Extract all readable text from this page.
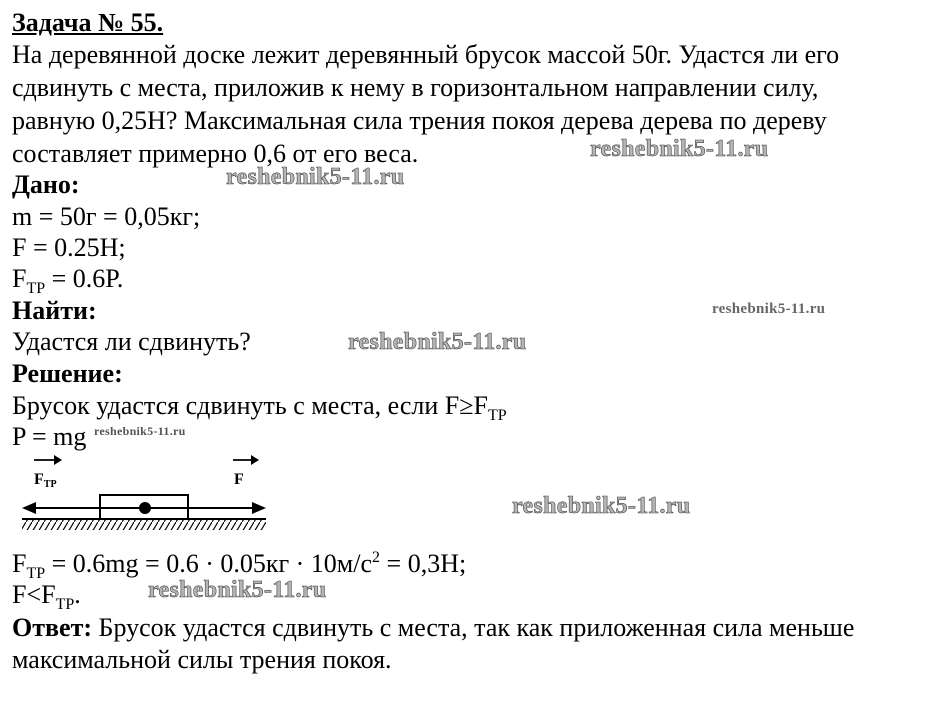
Задача № 55.
На деревянной доске лежит деревянный брусок массой 50г. Удастся ли его
сдвинуть с места, приложив к нему в горизонтальном направлении силу,
равную 0,25Н? Максимальная сила трения покоя дерева дерева по дереву
составляет примерно 0,6 от его веса.
Дано:
m = 50г = 0,05кг;
F = 0.25Н;
$F_{TP} = 0.6P$.
Найти:
Удастся ли сдвинуть?
Решение:
Брусок удастся сдвинуть с места, если $F\ge F_{TP}$
P = mg
FTP	F
$F_{TP} = 0.6mg = 0.6 \cdot 0.05кг \cdot 10м/с^2 = 0,3Н$;
$F<F_{TP}$.
Ответ: Брусок удастся сдвинуть с места, так как приложенная сила меньше
максимальной силы трения покоя.
reshebnik5-11.ru
reshebnik5-11.ru
reshebnik5-11.ru
reshebnik5-11.ru
reshebnik5-11.ru
reshebnik5-11.ru
reshebnik5-11.ru
